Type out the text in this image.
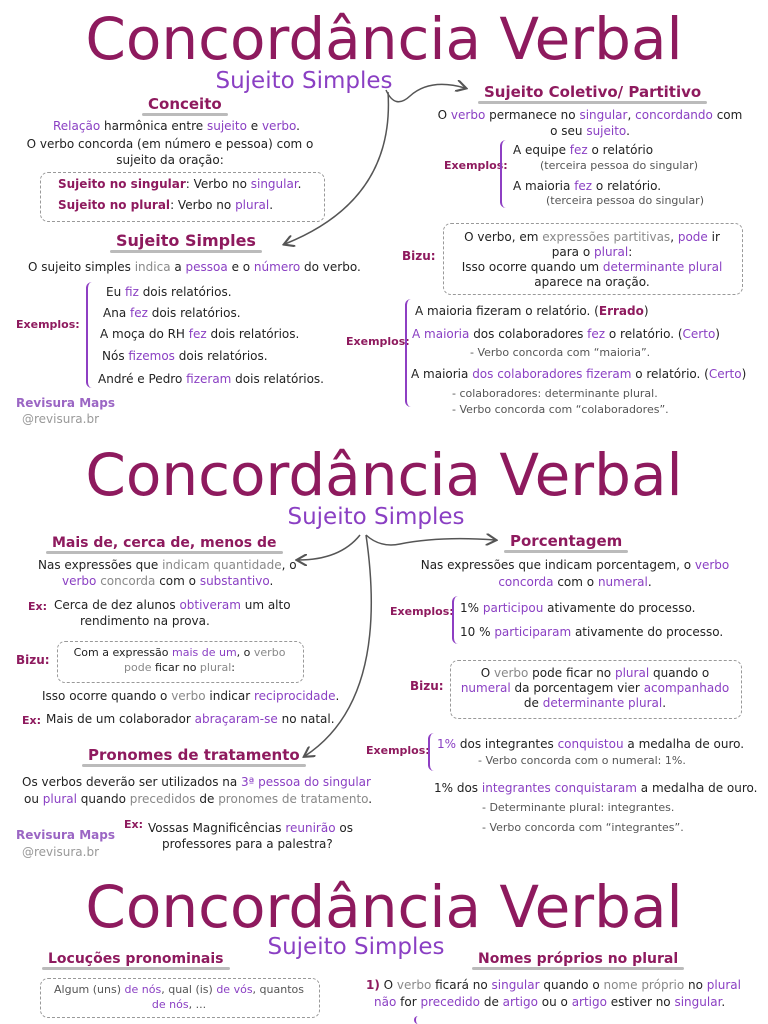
Concordância Verbal
Sujeito Simples
Conceito
Relação harmônica entre sujeito e verbo.
O verbo concorda (em número e pessoa) com o
sujeito da oração:
Sujeito no singular: Verbo no singular.
Sujeito no plural: Verbo no plural.
Sujeito Simples
O sujeito simples indica a pessoa e o número do verbo.
Exemplos:
Eu fiz dois relatórios.
Ana fez dois relatórios.
A moça do RH fez dois relatórios.
Nós fizemos dois relatórios.
André e Pedro fizeram dois relatórios.
Revisura Maps
@revisura.br
Sujeito Coletivo/ Partitivo
O verbo permanece no singular, concordando com
o seu sujeito.
Exemplos:
A equipe fez o relatório
(terceira pessoa do singular)
A maioria fez o relatório.
(terceira pessoa do singular)
Bizu:
O verbo, em expressões partitivas, pode ir
para o plural:
Isso ocorre quando um determinante plural
aparece na oração.
Exemplos:
A maioria fizeram o relatório. (Errado)
A maioria dos colaboradores fez o relatório. (Certo)
- Verbo concorda com “maioria”.
A maioria dos colaboradores fizeram o relatório. (Certo)
- colaboradores: determinante plural.
- Verbo concorda com “colaboradores”.
Concordância Verbal
Sujeito Simples
Mais de, cerca de, menos de
Nas expressões que indicam quantidade, o
verbo concorda com o substantivo.
Ex: Cerca de dez alunos obtiveram um alto
rendimento na prova.
Bizu:
Com a expressão mais de um, o verbo
pode ficar no plural:
Isso ocorre quando o verbo indicar reciprocidade.
Ex: Mais de um colaborador abraçaram-se no natal.
Pronomes de tratamento
Os verbos deverão ser utilizados na 3ª pessoa do singular
ou plural quando precedidos de pronomes de tratamento.
Ex: Vossas Magnificências reunirão os
professores para a palestra?
Revisura Maps
@revisura.br
Porcentagem
Nas expressões que indicam porcentagem, o verbo
concorda com o numeral.
Exemplos: 1% participou ativamente do processo.
10 % participaram ativamente do processo.
Bizu:
O verbo pode ficar no plural quando o
numeral da porcentagem vier acompanhado
de determinante plural.
Exemplos: 1% dos integrantes conquistou a medalha de ouro.
- Verbo concorda com o numeral: 1%.
1% dos integrantes conquistaram a medalha de ouro.
- Determinante plural: integrantes.
- Verbo concorda com “integrantes”.
Concordância Verbal
Sujeito Simples
Locuções pronominais
Algum (uns) de nós, qual (is) de vós, quantos
de nós, ...
Nomes próprios no plural
1) O verbo ficará no singular quando o nome próprio no plural
não for precedido de artigo ou o artigo estiver no singular.
